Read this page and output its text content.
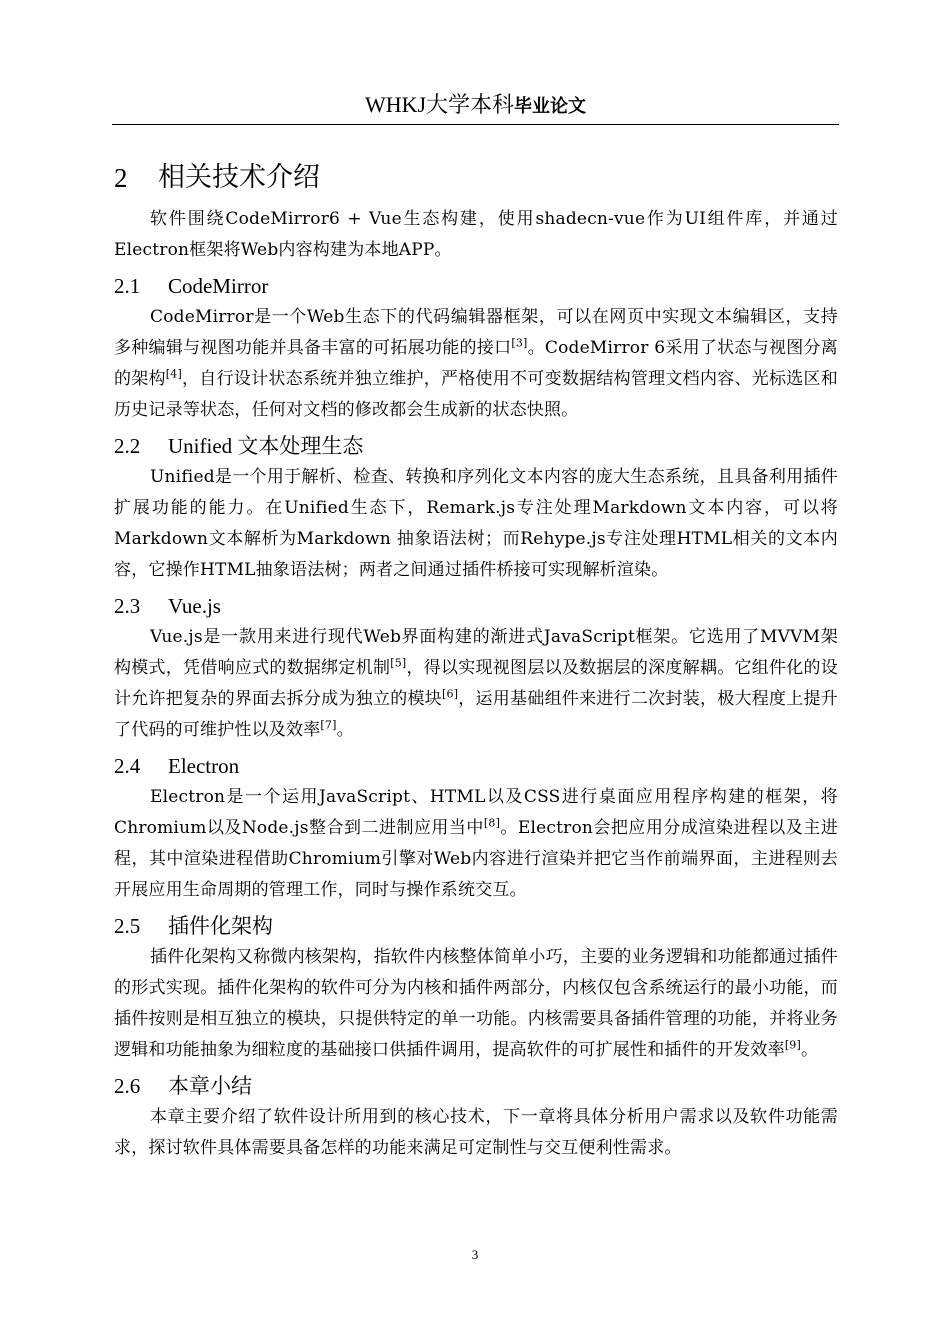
WHKJ大学本科毕业论文
2	相关技术介绍

软件围绕CodeMirror6 + Vue生态构建，使用shadecn-vue作为UI组件库，并通过Electron框架将Web内容构建为本地APP。

2.1	CodeMirror

CodeMirror是一个Web生态下的代码编辑器框架，可以在网页中实现文本编辑区，支持多种编辑与视图功能并具备丰富的可拓展功能的接口[3]。CodeMirror 6采用了状态与视图分离的架构[4]，自行设计状态系统并独立维护，严格使用不可变数据结构管理文档内容、光标选区和历史记录等状态，任何对文档的修改都会生成新的状态快照。

2.2	Unified 文本处理生态

Unified是一个用于解析、检查、转换和序列化文本内容的庞大生态系统，且具备利用插件扩展功能的能力。在Unified生态下，Remark.js专注处理Markdown文本内容，可以将Markdown文本解析为Markdown 抽象语法树；而Rehype.js专注处理HTML相关的文本内容，它操作HTML抽象语法树；两者之间通过插件桥接可实现解析渲染。

2.3	Vue.js

Vue.js是一款用来进行现代Web界面构建的渐进式JavaScript框架。它选用了MVVM架构模式，凭借响应式的数据绑定机制[5]，得以实现视图层以及数据层的深度解耦。它组件化的设计允许把复杂的界面去拆分成为独立的模块[6]，运用基础组件来进行二次封装，极大程度上提升了代码的可维护性以及效率[7]。

2.4	Electron

Electron是一个运用JavaScript、HTML以及CSS进行桌面应用程序构建的框架，将Chromium以及Node.js整合到二进制应用当中[8]。Electron会把应用分成渲染进程以及主进程，其中渲染进程借助Chromium引擎对Web内容进行渲染并把它当作前端界面，主进程则去开展应用生命周期的管理工作，同时与操作系统交互。

2.5	插件化架构

插件化架构又称微内核架构，指软件内核整体简单小巧，主要的业务逻辑和功能都通过插件的形式实现。插件化架构的软件可分为内核和插件两部分，内核仅包含系统运行的最小功能，而插件按则是相互独立的模块，只提供特定的单一功能。内核需要具备插件管理的功能，并将业务逻辑和功能抽象为细粒度的基础接口供插件调用，提高软件的可扩展性和插件的开发效率[9]。

2.6	本章小结

本章主要介绍了软件设计所用到的核心技术，下一章将具体分析用户需求以及软件功能需求，探讨软件具体需要具备怎样的功能来满足可定制性与交互便利性需求。

3
